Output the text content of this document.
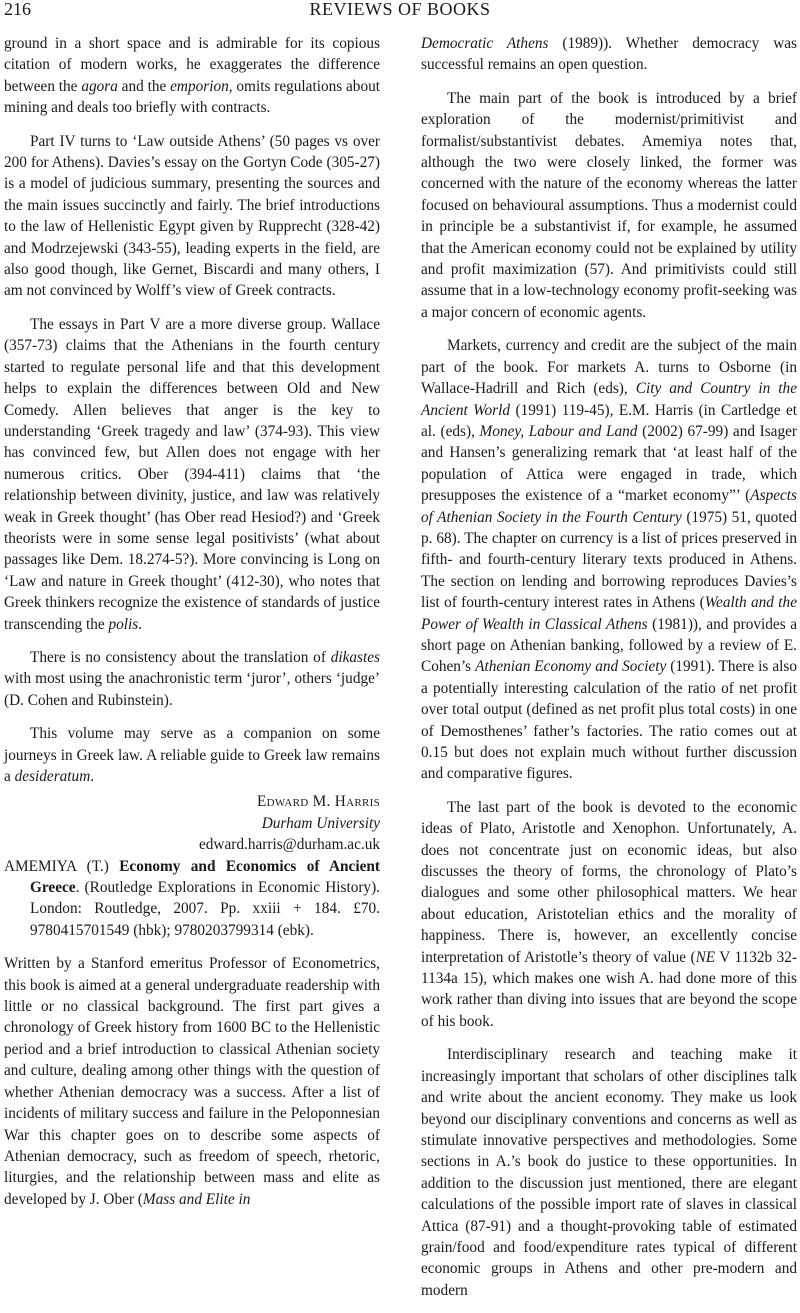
216	REVIEWS OF BOOKS

ground in a short space and is admirable for its copious citation of modern works, he exaggerates the difference between the agora and the emporion, omits regulations about mining and deals too briefly with contracts.

Part IV turns to ‘Law outside Athens’ (50 pages vs over 200 for Athens). Davies’s essay on the Gortyn Code (305-27) is a model of judicious summary, presenting the sources and the main issues succinctly and fairly. The brief introductions to the law of Hellenistic Egypt given by Rupprecht (328-42) and Modrzejewski (343-55), leading experts in the field, are also good though, like Gernet, Biscardi and many others, I am not convinced by Wolff’s view of Greek contracts.

The essays in Part V are a more diverse group. Wallace (357-73) claims that the Athenians in the fourth century started to regulate personal life and that this development helps to explain the differences between Old and New Comedy. Allen believes that anger is the key to understanding ‘Greek tragedy and law’ (374-93). This view has convinced few, but Allen does not engage with her numerous critics. Ober (394-411) claims that ‘the relationship between divinity, justice, and law was relatively weak in Greek thought’ (has Ober read Hesiod?) and ‘Greek theorists were in some sense legal positivists’ (what about passages like Dem. 18.274-5?). More convincing is Long on ‘Law and nature in Greek thought’ (412-30), who notes that Greek thinkers recognize the existence of standards of justice transcending the polis.

There is no consistency about the translation of dikastes with most using the anachronistic term ‘juror’, others ‘judge’ (D. Cohen and Rubinstein).

This volume may serve as a companion on some journeys in Greek law. A reliable guide to Greek law remains a desideratum.

Edward M. Harris
Durham University
edward.harris@durham.ac.uk

AMEMIYA (T.) Economy and Economics of Ancient Greece. (Routledge Explorations in Economic History). London: Routledge, 2007. Pp. xxiii + 184. £70. 9780415701549 (hbk); 9780203799314 (ebk).

Written by a Stanford emeritus Professor of Econometrics, this book is aimed at a general undergraduate readership with little or no classical background. The first part gives a chronology of Greek history from 1600 BC to the Hellenistic period and a brief introduction to classical Athenian society and culture, dealing among other things with the question of whether Athenian democracy was a success. After a list of incidents of military success and failure in the Peloponnesian War this chapter goes on to describe some aspects of Athenian democracy, such as freedom of speech, rhetoric, liturgies, and the relationship between mass and elite as developed by J. Ober (Mass and Elite in

Democratic Athens (1989)). Whether democracy was successful remains an open question.

The main part of the book is introduced by a brief exploration of the modernist/primitivist and formalist/substantivist debates. Amemiya notes that, although the two were closely linked, the former was concerned with the nature of the economy whereas the latter focused on behavioural assumptions. Thus a modernist could in principle be a substantivist if, for example, he assumed that the American economy could not be explained by utility and profit maximization (57). And primitivists could still assume that in a low-technology economy profit-seeking was a major concern of economic agents.

Markets, currency and credit are the subject of the main part of the book. For markets A. turns to Osborne (in Wallace-Hadrill and Rich (eds), City and Country in the Ancient World (1991) 119-45), E.M. Harris (in Cartledge et al. (eds), Money, Labour and Land (2002) 67-99) and Isager and Hansen’s generalizing remark that ‘at least half of the population of Attica were engaged in trade, which presupposes the existence of a “market economy”’ (Aspects of Athenian Society in the Fourth Century (1975) 51, quoted p. 68). The chapter on currency is a list of prices preserved in fifth- and fourth-century literary texts produced in Athens. The section on lending and borrowing reproduces Davies’s list of fourth-century interest rates in Athens (Wealth and the Power of Wealth in Classical Athens (1981)), and provides a short page on Athenian banking, followed by a review of E. Cohen’s Athenian Economy and Society (1991). There is also a potentially interesting calculation of the ratio of net profit over total output (defined as net profit plus total costs) in one of Demosthenes’ father’s factories. The ratio comes out at 0.15 but does not explain much without further discussion and comparative figures.

The last part of the book is devoted to the economic ideas of Plato, Aristotle and Xenophon. Unfortunately, A. does not concentrate just on economic ideas, but also discusses the theory of forms, the chronology of Plato’s dialogues and some other philosophical matters. We hear about education, Aristotelian ethics and the morality of happiness. There is, however, an excellently concise interpretation of Aristotle’s theory of value (NE V 1132b 32-1134a 15), which makes one wish A. had done more of this work rather than diving into issues that are beyond the scope of his book.

Interdisciplinary research and teaching make it increasingly important that scholars of other disciplines talk and write about the ancient economy. They make us look beyond our disciplinary conventions and concerns as well as stimulate innovative perspectives and methodologies. Some sections in A.’s book do justice to these opportunities. In addition to the discussion just mentioned, there are elegant calculations of the possible import rate of slaves in classical Attica (87-91) and a thought-provoking table of estimated grain/food and food/expenditure rates typical of different economic groups in Athens and other pre-modern and modern
